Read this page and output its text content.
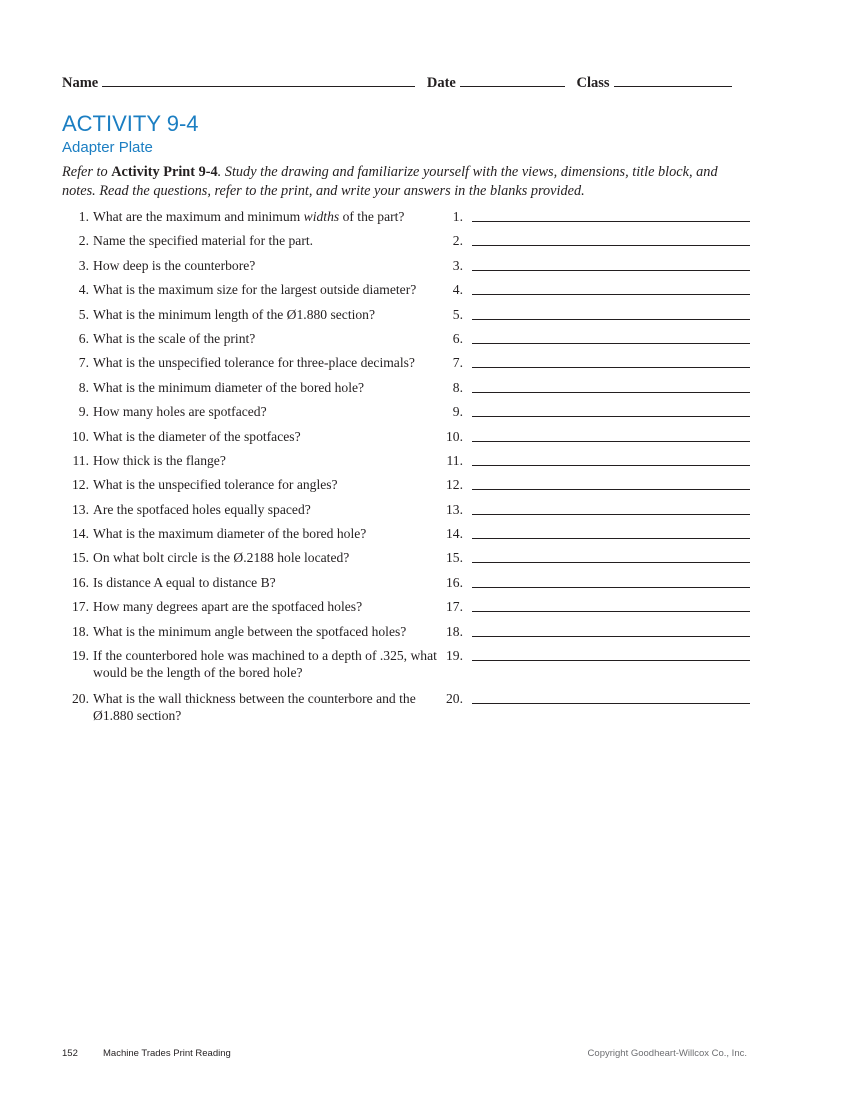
Name	Date	Class
ACTIVITY 9-4
Adapter Plate
Refer to Activity Print 9-4. Study the drawing and familiarize yourself with the views, dimensions, title block, and notes. Read the questions, refer to the print, and write your answers in the blanks provided.
1. What are the maximum and minimum widths of the part?	1.
2. Name the specified material for the part.	2.
3. How deep is the counterbore?	3.
4. What is the maximum size for the largest outside diameter?	4.
5. What is the minimum length of the Ø1.880 section?	5.
6. What is the scale of the print?	6.
7. What is the unspecified tolerance for three-place decimals?	7.
8. What is the minimum diameter of the bored hole?	8.
9. How many holes are spotfaced?	9.
10. What is the diameter of the spotfaces?	10.
11. How thick is the flange?	11.
12. What is the unspecified tolerance for angles?	12.
13. Are the spotfaced holes equally spaced?	13.
14. What is the maximum diameter of the bored hole?	14.
15. On what bolt circle is the Ø.2188 hole located?	15.
16. Is distance A equal to distance B?	16.
17. How many degrees apart are the spotfaced holes?	17.
18. What is the minimum angle between the spotfaced holes?	18.
19. If the counterbored hole was machined to a depth of .325, what would be the length of the bored hole?
19.
20. What is the wall thickness between the counterbore and the Ø1.880 section?
20.
152	Machine Trades Print Reading	Copyright Goodheart-Willcox Co., Inc.
